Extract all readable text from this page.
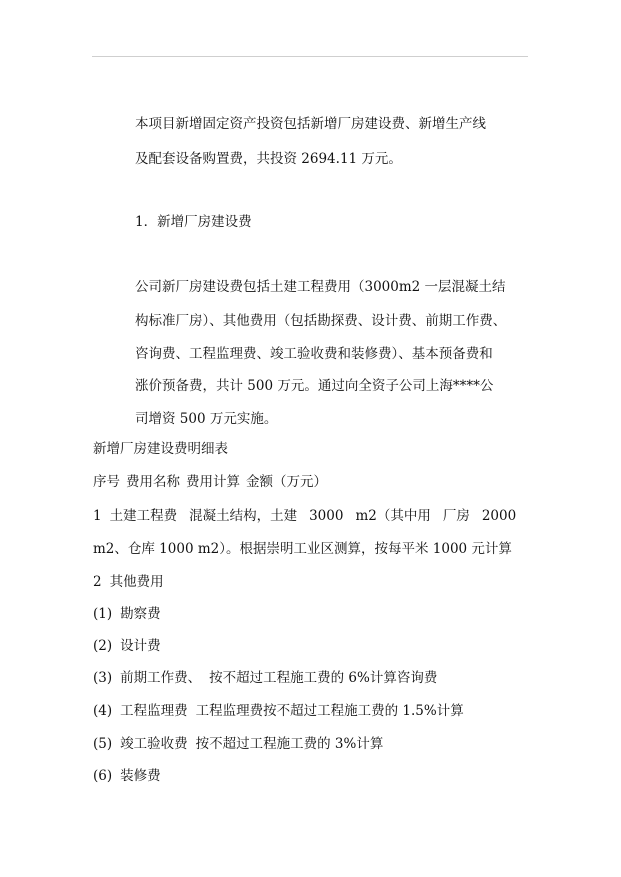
本项目新增固定资产投资包括新增厂房建设费、新增生产线
及配套设备购置费，共投资 2694.11 万元。
1．新增厂房建设费
公司新厂房建设费包括土建工程费用（3000m2 一层混凝土结
构标准厂房）、其他费用（包括勘探费、设计费、前期工作费、
咨询费、工程监理费、竣工验收费和装修费）、基本预备费和
涨价预备费，共计 500 万元。通过向全资子公司上海****公
司增资 500 万元实施。
新增厂房建设费明细表
序号 费用名称 费用计算 金额（万元）
1 土建工程费 混凝土结构，土建 3000 m2（其中用 厂房 2000
m2、仓库 1000 m2）。根据崇明工业区测算，按每平米 1000 元计算
2 其他费用
(1) 勘察费
(2) 设计费
(3) 前期工作费、 按不超过工程施工费的 6%计算咨询费
(4) 工程监理费 工程监理费按不超过工程施工费的 1.5%计算
(5) 竣工验收费 按不超过工程施工费的 3%计算
(6) 装修费
